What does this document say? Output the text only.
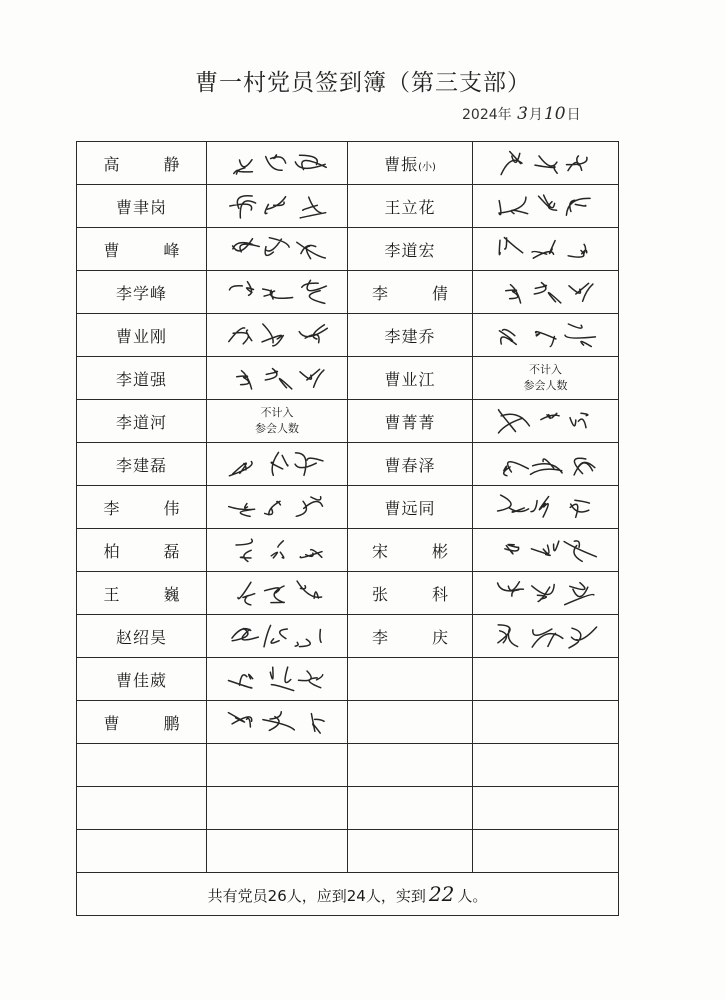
曹一村党员签到簿（第三支部）
2024年 3月10日
高　静		曹振(小)	

曹聿岗		王立花	

曹　峰		李道宏	

李学峰		李　倩	

曹业刚		李建乔	

李道强		曹业江	不计入
参会人数
李道河	不计入
参会人数	曹菁菁	

李建磊		曹春泽	

李　伟		曹远同	

柏　磊		宋　彬	

王　巍		张　科	

赵绍昊		李　庆	

曹佳葳	

曹　鹏	

共有党员26人，应到24人，实到 22 人。			
